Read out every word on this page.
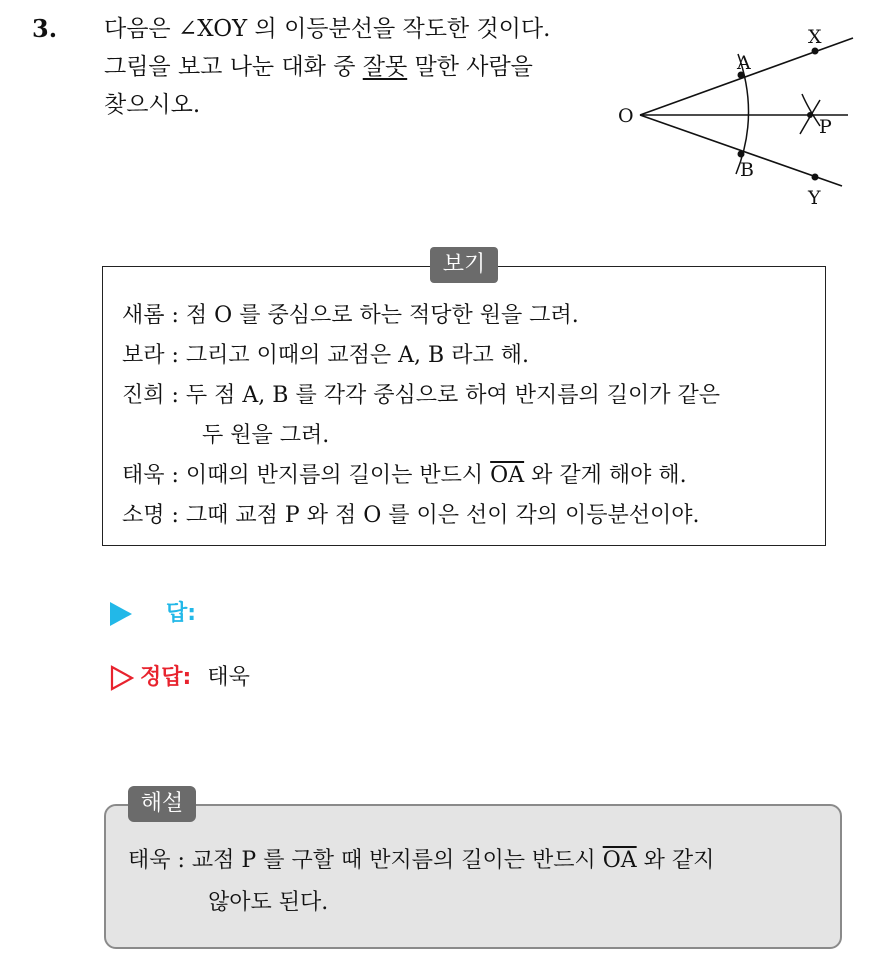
3. 다음은 ∠XOY 의 이등분선을 작도한 것이다.
그림을 보고 나눈 대화 중 잘못 말한 사람을
찾으시오.
X
Y
O
A
B
P
보기
새롬 : 점 O 를 중심으로 하는 적당한 원을 그려.
보라 : 그리고 이때의 교점은 A, B 라고 해.
진희 : 두 점 A, B 를 각각 중심으로 하여 반지름의 길이가 같은
두 원을 그려.
태욱 : 이때의 반지름의 길이는 반드시 $\overline{OA}$ 와 같게 해야 해.
소명 : 그때 교점 P 와 점 O 를 이은 선이 각의 이등분선이야.
답:
정답: 태욱
해설
태욱 : 교점 P 를 구할 때 반지름의 길이는 반드시 $\overline{OA}$ 와 같지
않아도 된다.
